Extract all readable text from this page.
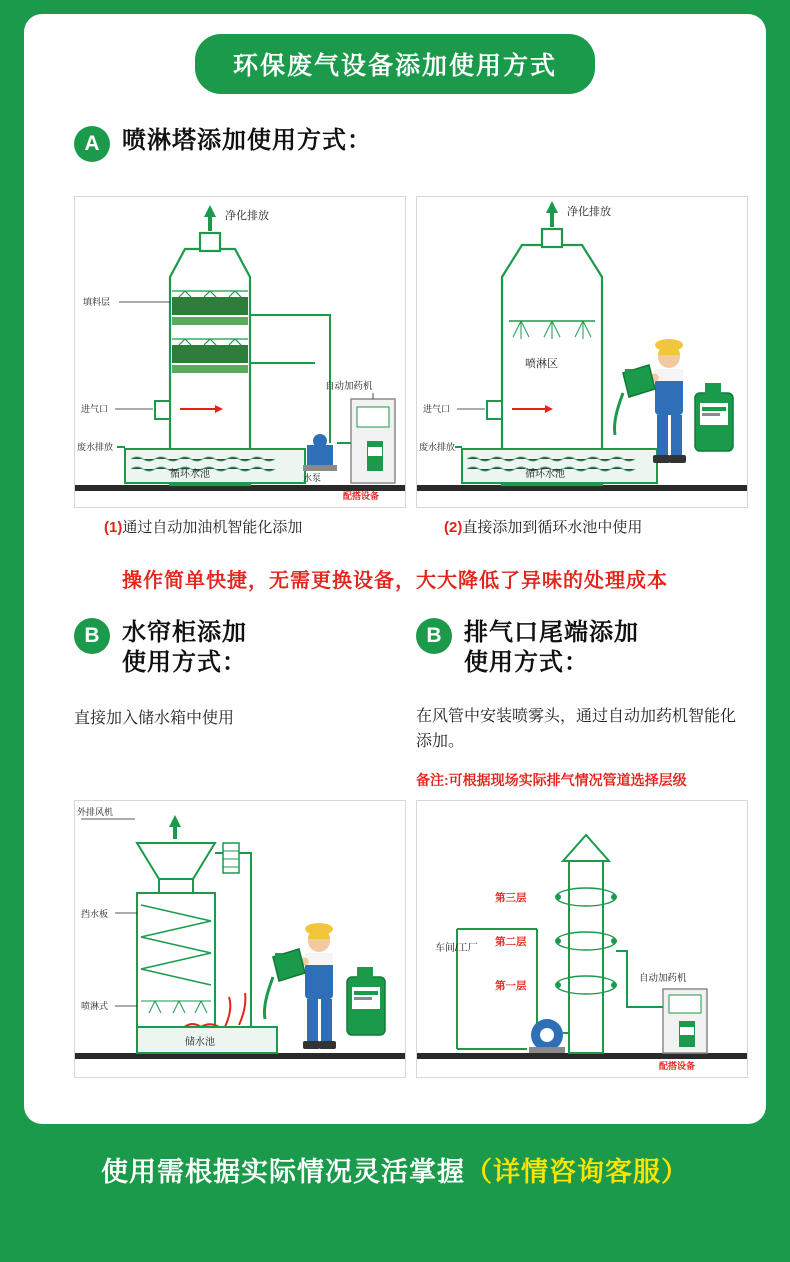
环保废气设备添加使用方式
A 喷淋塔添加使用方式：
净化排放
填料层
进气口
循环水池
废水排放
水泵
自动加药机
配搭设备
净化排放
喷淋区
进气口
循环水池
废水排放
(1)通过自动加油机智能化添加	(2)直接添加到循环水池中使用
操作简单快捷，无需更换设备，大大降低了异味的处理成本
B 水帘柜添加
使用方式：
直接加入储水箱中使用
B 排气口尾端添加
使用方式：
在风管中安装喷雾头，通过自动加药机智能化添加。
备注:可根据现场实际排气情况管道选择层级
外排风机
挡水板
喷淋式
储水池
车间/工厂
第三层
第二层
第一层
自动加药机
配搭设备
使用需根据实际情况灵活掌握（详情咨询客服）
